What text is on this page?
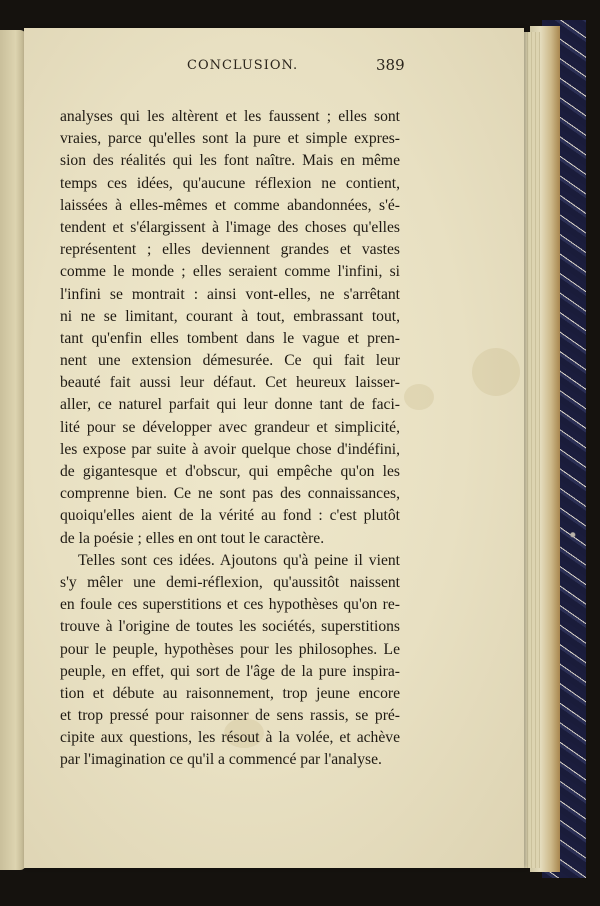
CONCLUSION.	389
analyses qui les altèrent et les faussent ; elles sont
vraies, parce qu'elles sont la pure et simple expres-
sion des réalités qui les font naître. Mais en même
temps ces idées, qu'aucune réflexion ne contient,
laissées à elles-mêmes et comme abandonnées, s'é-
tendent et s'élargissent à l'image des choses qu'elles
représentent ; elles deviennent grandes et vastes
comme le monde ; elles seraient comme l'infini, si
l'infini se montrait : ainsi vont-elles, ne s'arrêtant
ni ne se limitant, courant à tout, embrassant tout,
tant qu'enfin elles tombent dans le vague et pren-
nent une extension démesurée. Ce qui fait leur
beauté fait aussi leur défaut. Cet heureux laisser-
aller, ce naturel parfait qui leur donne tant de faci-
lité pour se développer avec grandeur et simplicité,
les expose par suite à avoir quelque chose d'indéfini,
de gigantesque et d'obscur, qui empêche qu'on les
comprenne bien. Ce ne sont pas des connaissances,
quoiqu'elles aient de la vérité au fond : c'est plutôt
de la poésie ; elles en ont tout le caractère.
Telles sont ces idées. Ajoutons qu'à peine il vient
s'y mêler une demi-réflexion, qu'aussitôt naissent
en foule ces superstitions et ces hypothèses qu'on re-
trouve à l'origine de toutes les sociétés, superstitions
pour le peuple, hypothèses pour les philosophes. Le
peuple, en effet, qui sort de l'âge de la pure inspira-
tion et débute au raisonnement, trop jeune encore
et trop pressé pour raisonner de sens rassis, se pré-
cipite aux questions, les résout à la volée, et achève
par l'imagination ce qu'il a commencé par l'analyse.
